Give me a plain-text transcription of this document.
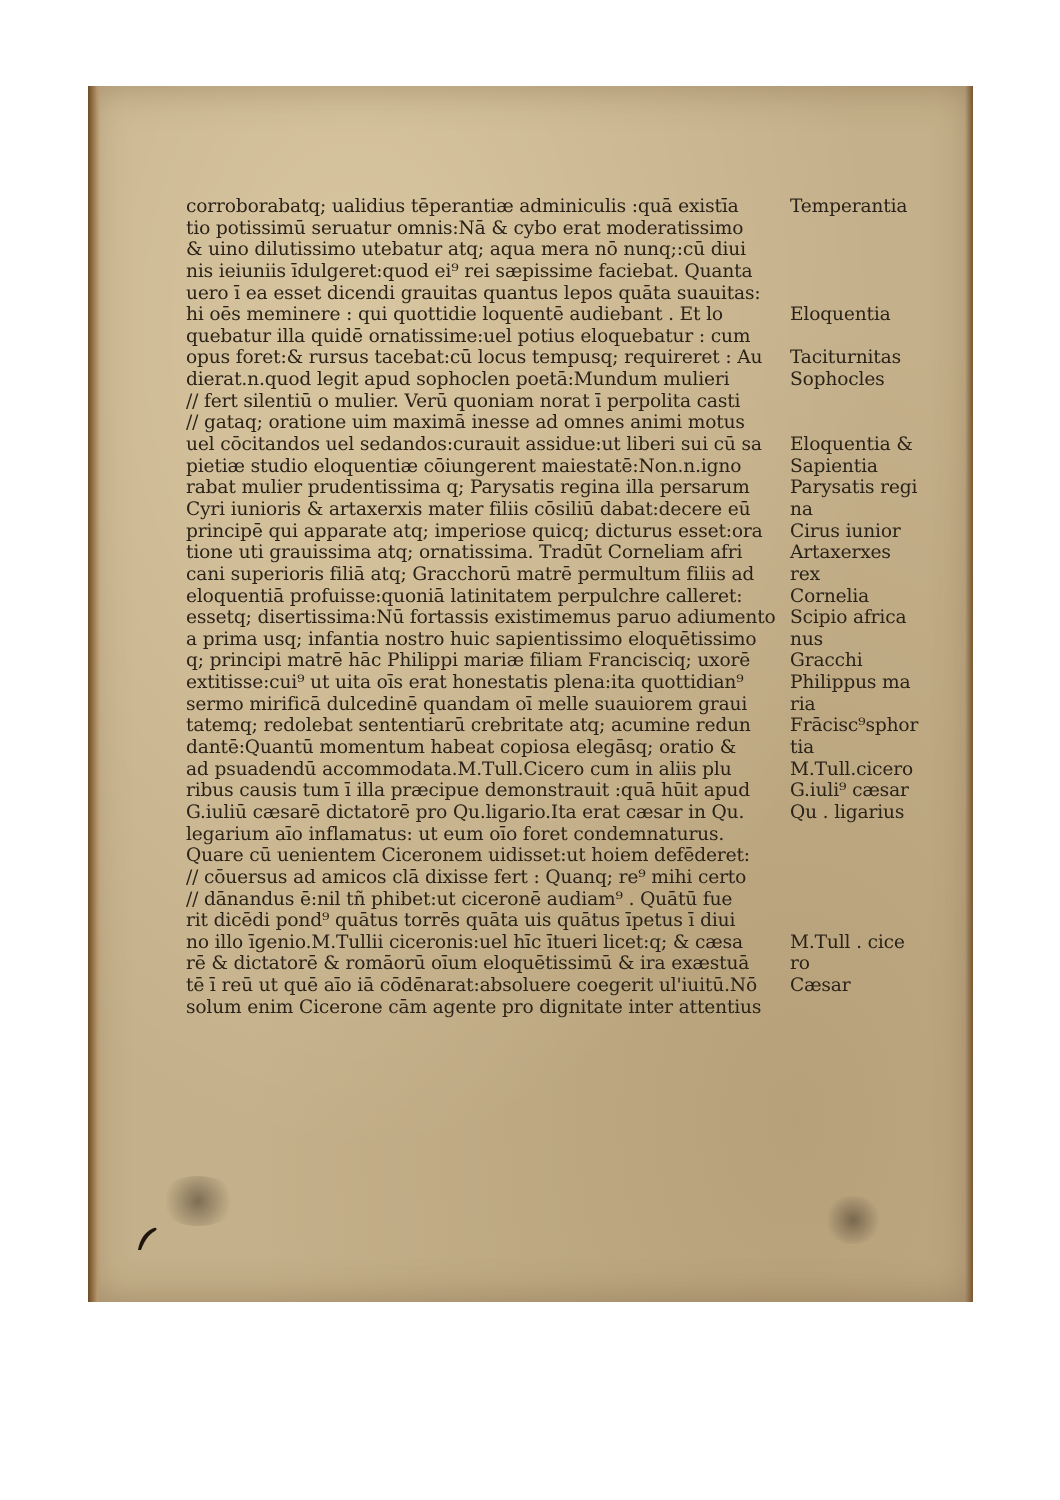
corroborabatq; ualidius tēperantiæ adminiculis :quā existīa
tio potissimū seruatur omnis:Nā & cybo erat moderatissimo
& uino dilutissimo utebatur atq; aqua mera nō nunq;:cū diui
nis ieiuniis īdulgeret:quod ei⁹ rei sæpissime faciebat. Quanta
uero ī ea esset dicendi grauitas quantus lepos quāta suauitas:
hi oēs meminere : qui quottidie loquentē audiebant . Et lo
quebatur illa quidē ornatissime:uel potius eloquebatur : cum
opus foret:& rursus tacebat:cū locus tempusq; requireret : Au
dierat.n.quod legit apud sophoclen poetā:Mundum mulieri
// fert silentiū o mulier. Verū quoniam norat ī perpolita casti
// gataq; oratione uim maximā inesse ad omnes animi motus
uel cōcitandos uel sedandos:curauit assidue:ut liberi sui cū sa
pietiæ studio eloquentiæ cōiungerent maiestatē:Non.n.igno
rabat mulier prudentissima q; Parysatis regina illa persarum
Cyri iunioris & artaxerxis mater filiis cōsiliū dabat:decere eū
principē qui apparate atq; imperiose quicq; dicturus esset:ora
tione uti grauissima atq; ornatissima. Tradūt Corneliam afri
cani superioris filiā atq; Gracchorū matrē permultum filiis ad
eloquentiā profuisse:quoniā latinitatem perpulchre calleret:
essetq; disertissima:Nū fortassis existimemus paruo adiumento
a prima usq; infantia nostro huic sapientissimo eloquētissimo
q; principi matrē hāc Philippi mariæ filiam Francisciq; uxorē
extitisse:cui⁹ ut uita oīs erat honestatis plena:ita quottidian⁹
sermo mirificā dulcedinē quandam oī melle suauiorem graui
tatemq; redolebat sententiarū crebritate atq; acumine redun
dantē:Quantū momentum habeat copiosa elegāsq; oratio &
ad psuadendū accommodata.M.Tull.Cicero cum in aliis plu
ribus causis tum ī illa præcipue demonstrauit :quā hūit apud
G.iuliū cæsarē dictatorē pro Qu.ligario.Ita erat cæsar in Qu.
legarium aīo inflamatus: ut eum oīo foret condemnaturus.
Quare cū uenientem Ciceronem uidisset:ut hoiem defēderet:
// cōuersus ad amicos clā dixisse fert : Quanq; re⁹ mihi certo
// dānandus ē:nil tñ phibet:ut ciceronē audiam⁹ . Quātū fue
rit dicēdi pond⁹ quātus torrēs quāta uis quātus īpetus ī diui
no illo īgenio.M.Tullii ciceronis:uel hīc ītueri licet:q; & cæsa
rē & dictatorē & romāorū oīum eloquētissimū & ira exæstuā
tē ī reū ut quē aīo iā cōdēnarat:absoluere coegerit ul'iuitū.Nō
solum enim Cicerone cām agente pro dignitate inter attentius
Temperantia
Eloquentia
Taciturnitas
Sophocles
Eloquentia &
Sapientia
Parysatis regi
na
Cirus iunior
Artaxerxes
rex
Cornelia
Scipio africa
nus
Gracchi
Philippus ma
ria
Frācisc⁹sphor
tia
M.Tull.cicero
G.iuli⁹ cæsar
Qu . ligarius
M.Tull . cice
ro
Cæsar
